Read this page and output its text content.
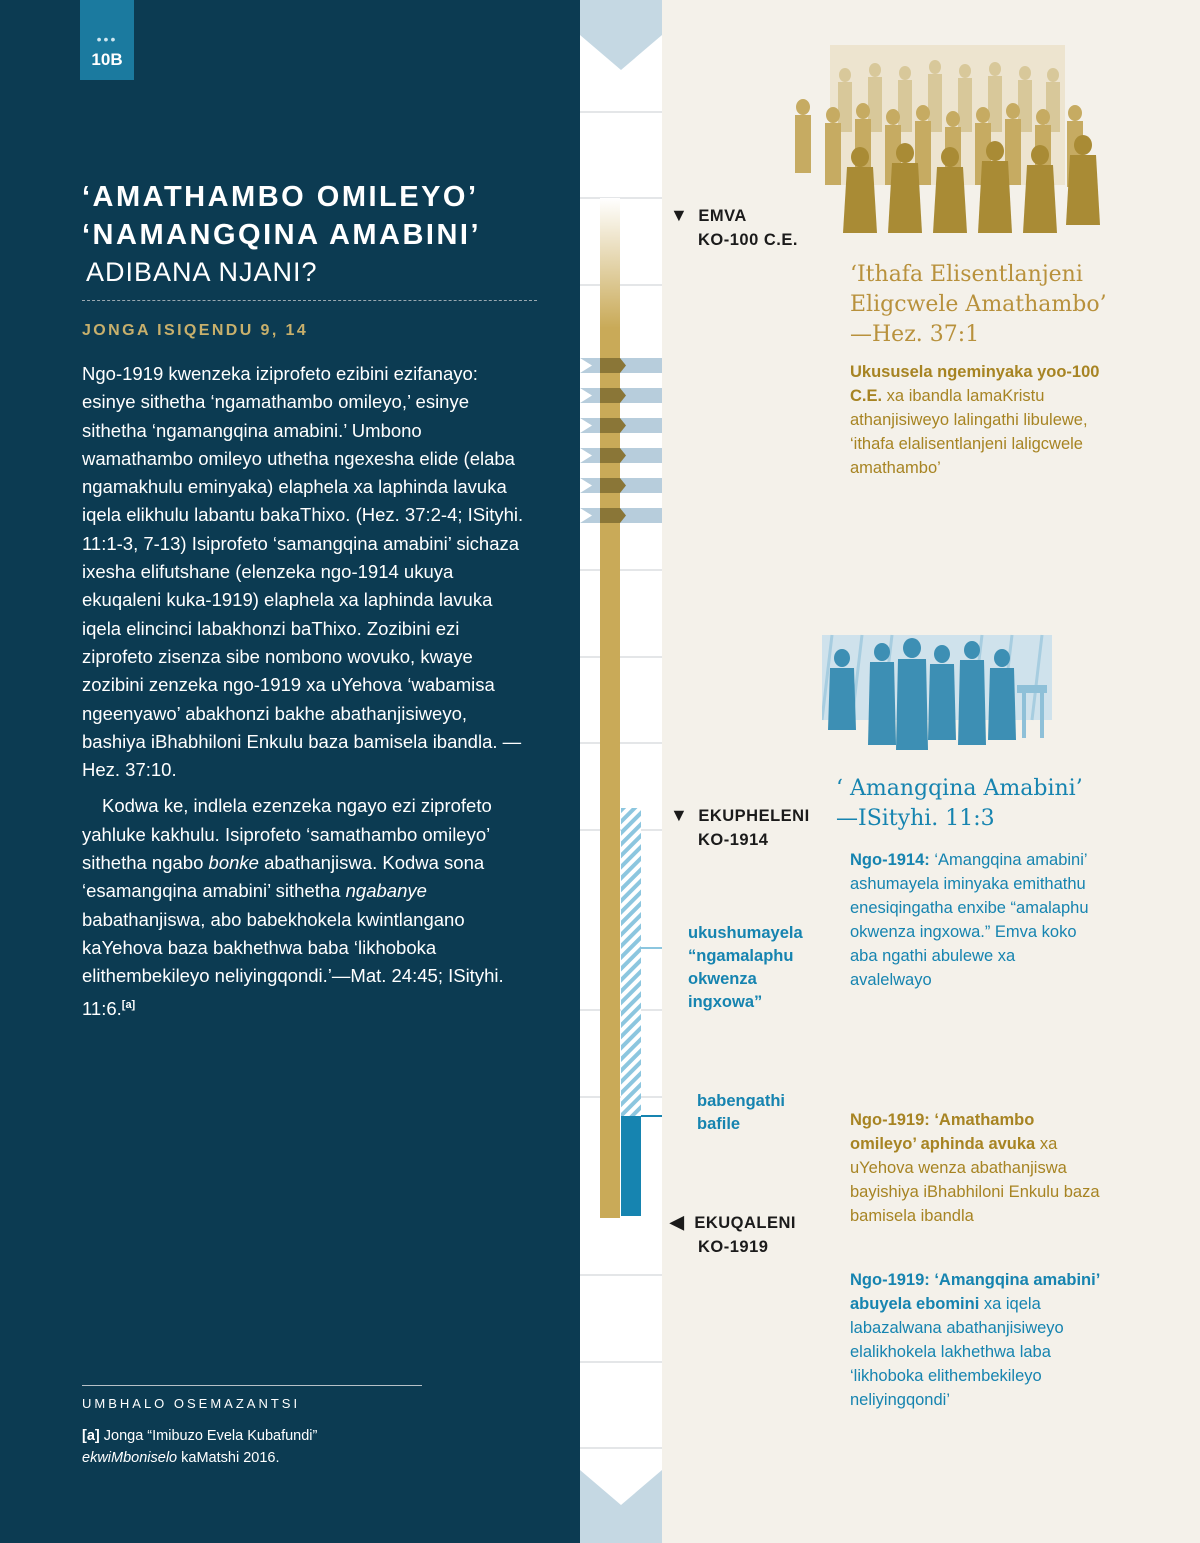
•••
10B
‘AMATHAMBO OMILEYO’
‘NAMANGQINA AMABINI’
ADIBANA NJANI?
JONGA ISIQENDU 9, 14

Ngo-1919 kwenzeka iziprofeto ezibini ezifanayo: esinye sithetha ‘ngamathambo omileyo,’ esinye sithetha ‘ngamangqina amabini.’ Umbono wamathambo omileyo uthetha ngexesha elide (elaba ngamakhulu eminyaka) elaphela xa laphinda lavuka iqela elikhulu labantu bakaThixo. (Hez. 37:2-4; ISityhi. 11:1-3, 7-13) Isiprofeto ‘samangqina amabini’ sichaza ixesha elifutshane (elenzeka ngo-1914 ukuya ekuqaleni kuka-1919) elaphela xa laphinda lavuka iqela elincinci labakhonzi baThixo. Zozibini ezi ziprofeto zisenza sibe nombono wovuko, kwaye zozibini zenzeka ngo-1919 xa uYehova ‘wabamisa ngeenyawo’ abakhonzi bakhe abathanjisiweyo, bashiya iBhabhiloni Enkulu baza bamisela ibandla. —Hez. 37:10.

Kodwa ke, indlela ezenzeka ngayo ezi ziprofeto yahluke kakhulu. Isiprofeto ‘samathambo omileyo’ sithetha ngabo bonke abathanjiswa. Kodwa sona ‘esamangqina amabini’ sithetha ngabanye babathanjiswa, abo babekhokela kwintlangano kaYehova baza bakhethwa baba ‘likhoboka elithembekileyo neliyingqondi.’—Mat. 24:45; ISityhi. 11:6.[a]

UMBHALO OSEMAZANTSI
[a] Jonga “Imibuzo Evela Kubafundi” ekwiMboniselo kaMatshi 2016.
▼ EMVA
KO-100 C.E.
▼ EKUPHELENI
KO-1914
◀ EKUQALENI
KO-1919
ukushumayela “ngamalaphu okwenza ingxowa”
babengathi bafile
‘Ithafa Elisentlanjeni Eligcwele Amathambo’ —Hez. 37:1
Ukususela ngeminyaka yoo-100 C.E. xa ibandla lamaKristu athanjisiweyo lalingathi libulewe, ‘ithafa elalisentlanjeni laligcwele amathambo’
‘ Amangqina Amabini’ —ISityhi. 11:3
Ngo-1914: ‘Amangqina amabini’ ashumayela iminyaka emithathu enesiqingatha enxibe “amalaphu okwenza ingxowa.” Emva koko aba ngathi abulewe xa avalelwayo
Ngo-1919: ‘Amathambo omileyo’ aphinda avuka xa uYehova wenza abathanjiswa bayishiya iBhabhiloni Enkulu baza bamisela ibandla
Ngo-1919: ‘Amangqina amabini’ abuyela ebomini xa iqela labazalwana abathanjisiweyo elalikhokela lakhethwa laba ‘likhoboka elithembekileyo neliyingqondi’
